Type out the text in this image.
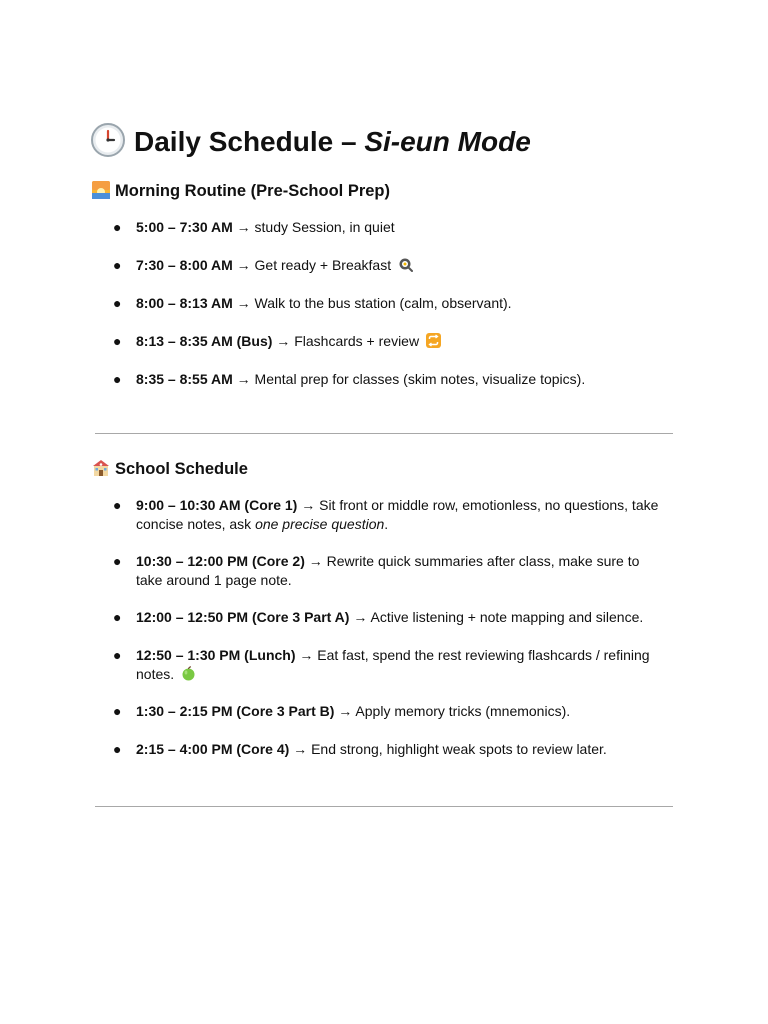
Daily Schedule – Si-eun Mode
Morning Routine (Pre-School Prep)
● 5:00 – 7:30 AM → study Session, in quiet
● 7:30 – 8:00 AM → Get ready + Breakfast
● 8:00 – 8:13 AM → Walk to the bus station (calm, observant).
● 8:13 – 8:35 AM (Bus) → Flashcards + review
● 8:35 – 8:55 AM → Mental prep for classes (skim notes, visualize topics).
School Schedule
● 9:00 – 10:30 AM (Core 1) → Sit front or middle row, emotionless, no questions, take concise notes, ask one precise question.
● 10:30 – 12:00 PM (Core 2) → Rewrite quick summaries after class, make sure to take around 1 page note.
● 12:00 – 12:50 PM (Core 3 Part A) → Active listening + note mapping and silence.
● 12:50 – 1:30 PM (Lunch) → Eat fast, spend the rest reviewing flashcards / refining notes.
● 1:30 – 2:15 PM (Core 3 Part B) → Apply memory tricks (mnemonics).
● 2:15 – 4:00 PM (Core 4) → End strong, highlight weak spots to review later.
